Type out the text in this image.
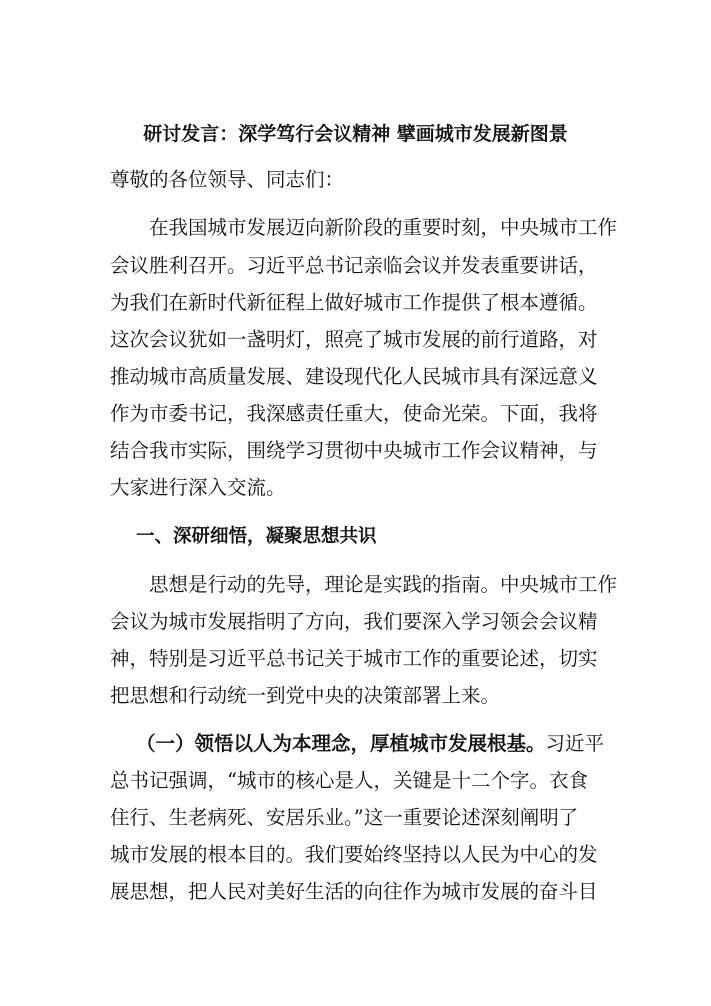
研讨发言：深学笃行会议精神 擘画城市发展新图景
尊敬的各位领导、同志们：
在我国城市发展迈向新阶段的重要时刻，中央城市工作
会议胜利召开。习近平总书记亲临会议并发表重要讲话，
为我们在新时代新征程上做好城市工作提供了根本遵循。
这次会议犹如一盏明灯，照亮了城市发展的前行道路，对
推动城市高质量发展、建设现代化人民城市具有深远意义
作为市委书记，我深感责任重大，使命光荣。下面，我将
结合我市实际，围绕学习贯彻中央城市工作会议精神，与
大家进行深入交流。
一、深研细悟，凝聚思想共识
思想是行动的先导，理论是实践的指南。中央城市工作
会议为城市发展指明了方向，我们要深入学习领会会议精
神，特别是习近平总书记关于城市工作的重要论述，切实
把思想和行动统一到党中央的决策部署上来。
（一）领悟以人为本理念，厚植城市发展根基。习近平
总书记强调，“城市的核心是人，关键是十二个字。衣食
住行、生老病死、安居乐业。”这一重要论述深刻阐明了
城市发展的根本目的。我们要始终坚持以人民为中心的发
展思想，把人民对美好生活的向往作为城市发展的奋斗目
